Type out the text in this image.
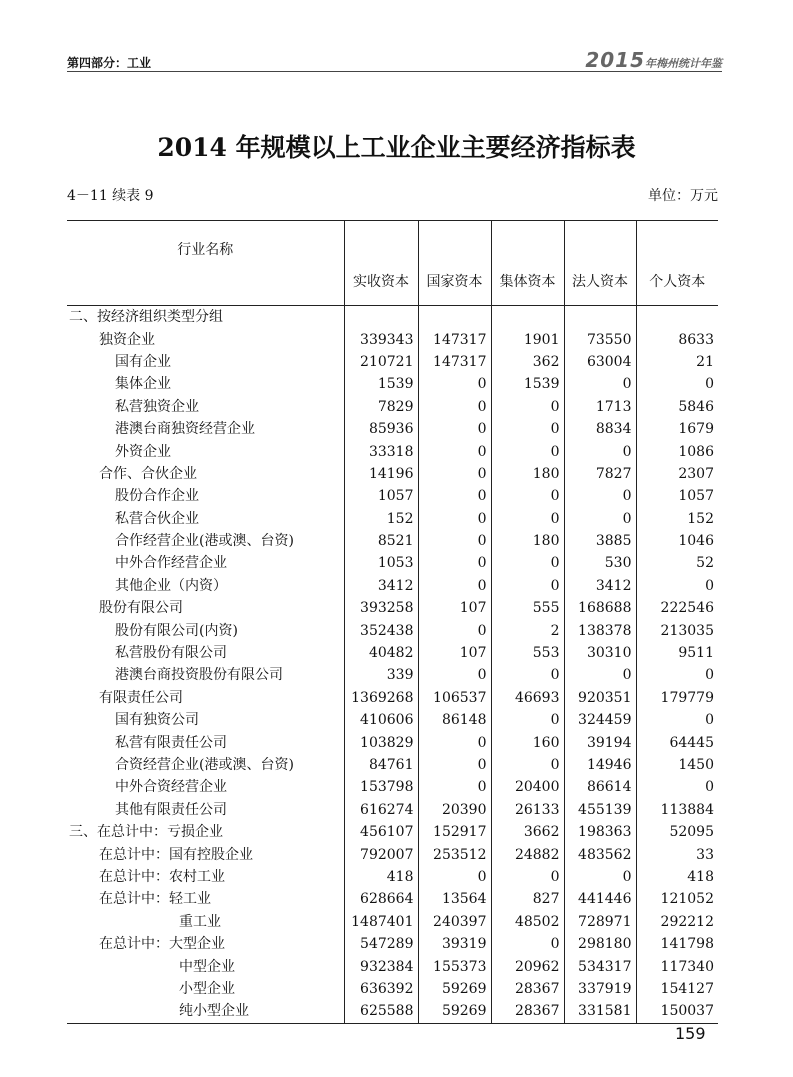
第四部分：工业	2015年梅州统计年鉴
2014 年规模以上工业企业主要经济指标表
4－11 续表 9	单位：万元
行业名称	实收资本	国家资本	集体资本	法人资本	个人资本
二、按经济组织类型分组					
独资企业	339343	147317	1901	73550	8633
国有企业	210721	147317	362	63004	21
集体企业	1539	0	1539	0	0
私营独资企业	7829	0	0	1713	5846
港澳台商独资经营企业	85936	0	0	8834	1679
外资企业	33318	0	0	0	1086
合作、合伙企业	14196	0	180	7827	2307
股份合作企业	1057	0	0	0	1057
私营合伙企业	152	0	0	0	152
合作经营企业(港或澳、台资)	8521	0	180	3885	1046
中外合作经营企业	1053	0	0	530	52
其他企业（内资）	3412	0	0	3412	0
股份有限公司	393258	107	555	168688	222546
股份有限公司(内资)	352438	0	2	138378	213035
私营股份有限公司	40482	107	553	30310	9511
港澳台商投资股份有限公司	339	0	0	0	0
有限责任公司	1369268	106537	46693	920351	179779
国有独资公司	410606	86148	0	324459	0
私营有限责任公司	103829	0	160	39194	64445
合资经营企业(港或澳、台资)	84761	0	0	14946	1450
中外合资经营企业	153798	0	20400	86614	0
其他有限责任公司	616274	20390	26133	455139	113884
三、在总计中：亏损企业	456107	152917	3662	198363	52095
在总计中：国有控股企业	792007	253512	24882	483562	33
在总计中：农村工业	418	0	0	0	418
在总计中：轻工业	628664	13564	827	441446	121052
重工业	1487401	240397	48502	728971	292212
在总计中：大型企业	547289	39319	0	298180	141798
中型企业	932384	155373	20962	534317	117340
小型企业	636392	59269	28367	337919	154127
纯小型企业	625588	59269	28367	331581	150037
159
